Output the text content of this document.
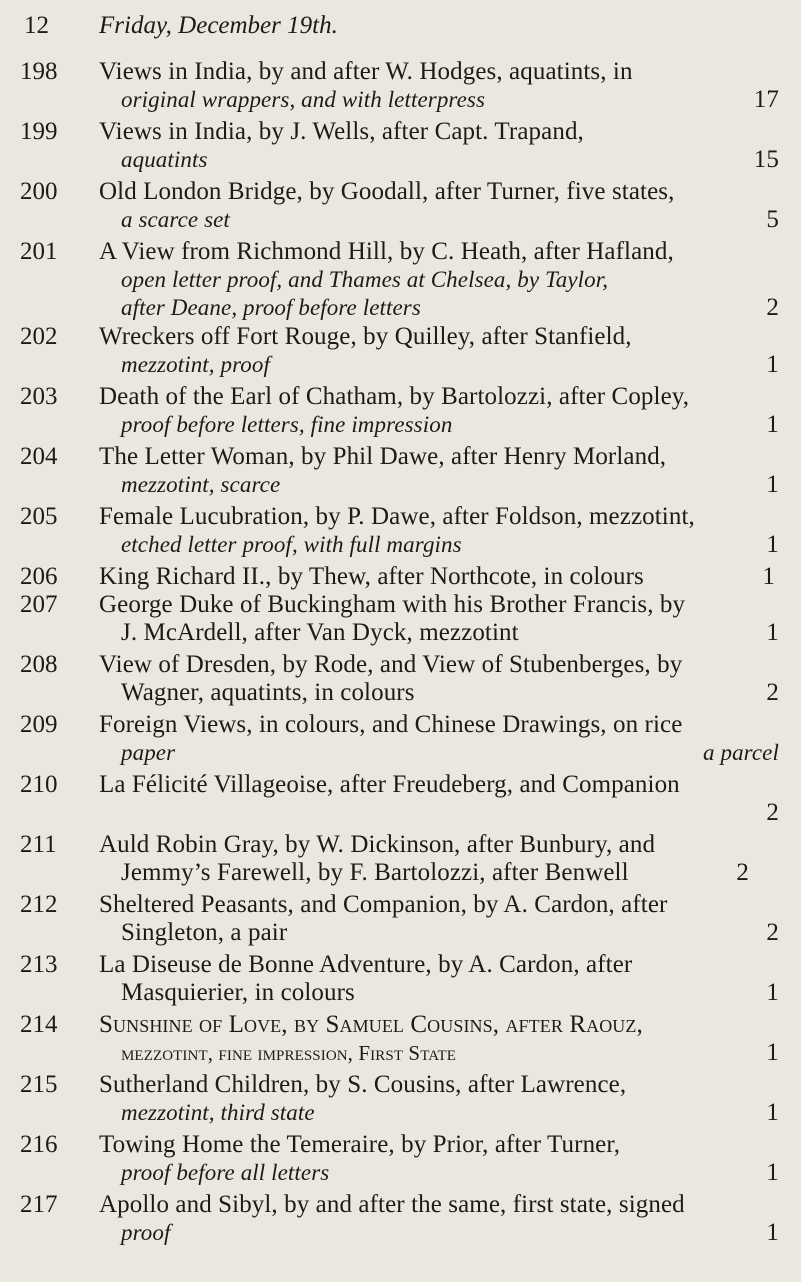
12 Friday, December 19th.
198 Views in India, by and after W. Hodges, aquatints, in
original wrappers, and with letterpress	17
199 Views in India, by J. Wells, after Capt. Trapand,
aquatints	15
200 Old London Bridge, by Goodall, after Turner, five states,
a scarce set	5
201 A View from Richmond Hill, by C. Heath, after Hafland,
open letter proof, and Thames at Chelsea, by Taylor,
after Deane, proof before letters	2
202 Wreckers off Fort Rouge, by Quilley, after Stanfield,
mezzotint, proof	1
203 Death of the Earl of Chatham, by Bartolozzi, after Copley,
proof before letters, fine impression	1
204 The Letter Woman, by Phil Dawe, after Henry Morland,
mezzotint, scarce	1
205 Female Lucubration, by P. Dawe, after Foldson, mezzotint,
etched letter proof, with full margins	1
206 King Richard II., by Thew, after Northcote, in colours	1
207 George Duke of Buckingham with his Brother Francis, by
J. McArdell, after Van Dyck, mezzotint	1
208 View of Dresden, by Rode, and View of Stubenberges, by
Wagner, aquatints, in colours	2
209 Foreign Views, in colours, and Chinese Drawings, on rice
paper	a parcel
210 La Félicité Villageoise, after Freudeberg, and Companion
2
211 Auld Robin Gray, by W. Dickinson, after Bunbury, and
Jemmy’s Farewell, by F. Bartolozzi, after Benwell	2
212 Sheltered Peasants, and Companion, by A. Cardon, after
Singleton, a pair	2
213 La Diseuse de Bonne Adventure, by A. Cardon, after
Masquierier, in colours	1
214 Sunshine of Love, by Samuel Cousins, after Raouz,
mezzotint, fine impression, First State	1
215 Sutherland Children, by S. Cousins, after Lawrence,
mezzotint, third state	1
216 Towing Home the Temeraire, by Prior, after Turner,
proof before all letters	1
217 Apollo and Sibyl, by and after the same, first state, signed
proof	1
